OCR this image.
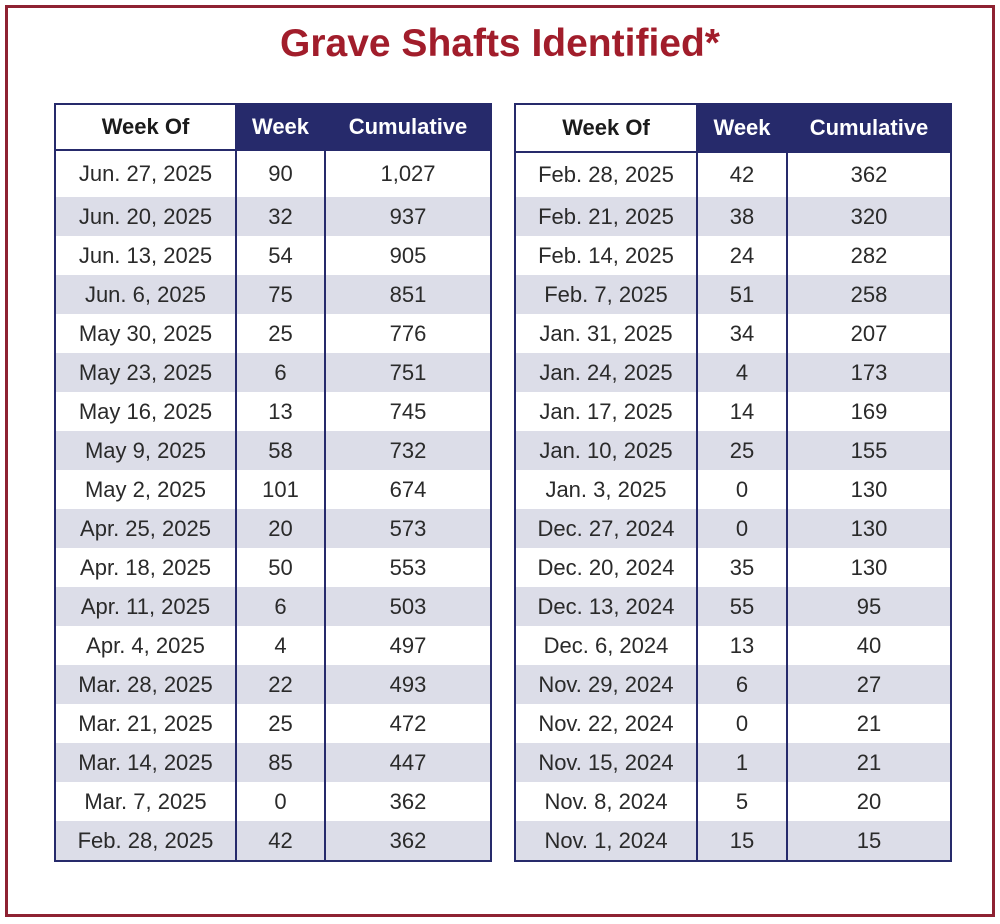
Grave Shafts Identified*
Week Of	Week	Cumulative
Jun. 27, 2025	90	1,027
Jun. 20, 2025	32	937
Jun. 13, 2025	54	905
Jun. 6, 2025	75	851
May 30, 2025	25	776
May 23, 2025	6	751
May 16, 2025	13	745
May 9, 2025	58	732
May 2, 2025	101	674
Apr. 25, 2025	20	573
Apr. 18, 2025	50	553
Apr. 11, 2025	6	503
Apr. 4, 2025	4	497
Mar. 28, 2025	22	493
Mar. 21, 2025	25	472
Mar. 14, 2025	85	447
Mar. 7, 2025	0	362
Feb. 28, 2025	42	362
Week Of	Week	Cumulative
Feb. 28, 2025	42	362
Feb. 21, 2025	38	320
Feb. 14, 2025	24	282
Feb. 7, 2025	51	258
Jan. 31, 2025	34	207
Jan. 24, 2025	4	173
Jan. 17, 2025	14	169
Jan. 10, 2025	25	155
Jan. 3, 2025	0	130
Dec. 27, 2024	0	130
Dec. 20, 2024	35	130
Dec. 13, 2024	55	95
Dec. 6, 2024	13	40
Nov. 29, 2024	6	27
Nov. 22, 2024	0	21
Nov. 15, 2024	1	21
Nov. 8, 2024	5	20
Nov. 1, 2024	15	15
